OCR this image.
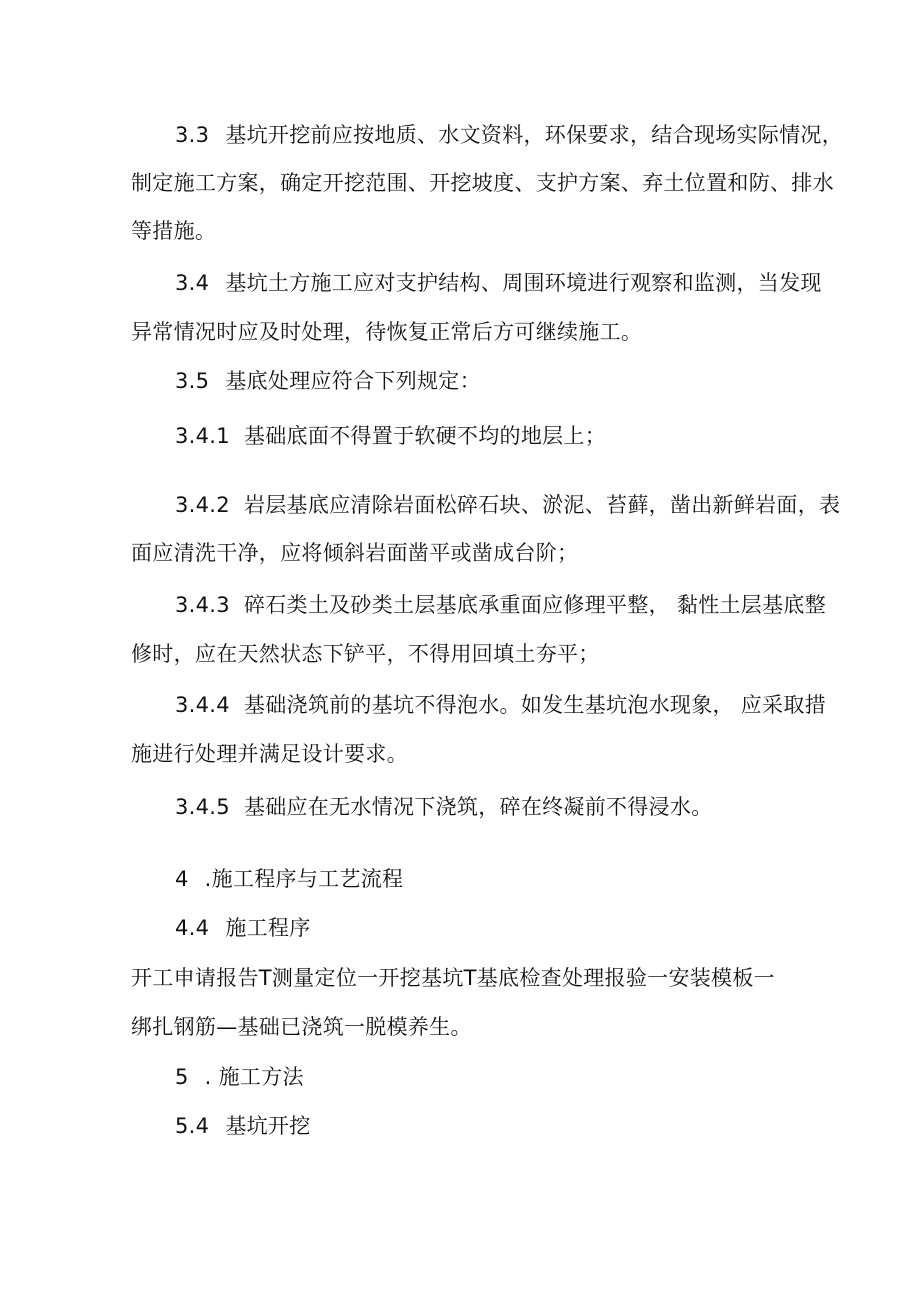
3.3 基坑开挖前应按地质、水文资料，环保要求，结合现场实际情况，
制定施工方案，确定开挖范围、开挖坡度、支护方案、弃土位置和防、排水
等措施。
3.4 基坑土方施工应对支护结构、周围环境进行观察和监测，当发现
异常情况时应及时处理，待恢复正常后方可继续施工。
3.5 基底处理应符合下列规定：
3.4.1 基础底面不得置于软硬不均的地层上；
3.4.2 岩层基底应清除岩面松碎石块、淤泥、苔藓，凿出新鲜岩面，表
面应清洗干净，应将倾斜岩面凿平或凿成台阶；
3.4.3 碎石类土及砂类土层基底承重面应修理平整， 黏性土层基底整
修时，应在天然状态下铲平，不得用回填土夯平；
3.4.4 基础浇筑前的基坑不得泡水。如发生基坑泡水现象， 应采取措
施进行处理并满足设计要求。
3.4.5 基础应在无水情况下浇筑，碎在终凝前不得浸水。
4 .施工程序与工艺流程
4.4 施工程序
开工申请报告T测量定位一开挖基坑T基底检查处理报验一安装模板一
绑扎钢筋—基础已浇筑一脱模养生。
5 . 施工方法
5.4 基坑开挖
